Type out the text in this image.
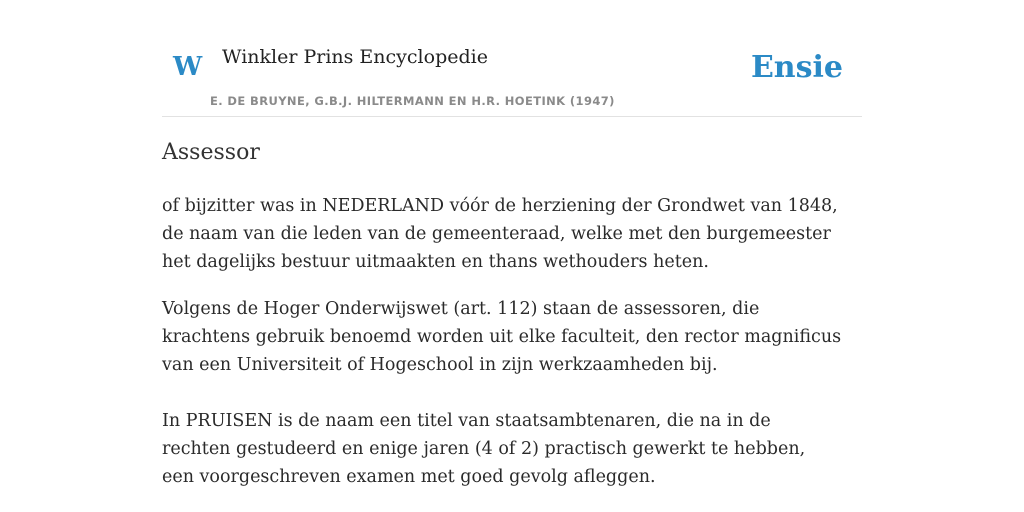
W Winkler Prins Encyclopedie
E. DE BRUYNE, G.B.J. HILTERMANN EN H.R. HOETINK (1947)
Ensie
Assessor

of bijzitter was in NEDERLAND vóór de herziening der Grondwet van 1848, de naam van die leden van de gemeenteraad, welke met den burgemeester het dagelijks bestuur uitmaakten en thans wethouders heten.

Volgens de Hoger Onderwijswet (art. 112) staan de assessoren, die krachtens gebruik benoemd worden uit elke faculteit, den rector magnificus van een Universiteit of Hogeschool in zijn werkzaamheden bij.

In PRUISEN is de naam een titel van staatsambtenaren, die na in de rechten gestudeerd en enige jaren (4 of 2) practisch gewerkt te hebben, een voorgeschreven examen met goed gevolg afleggen.
